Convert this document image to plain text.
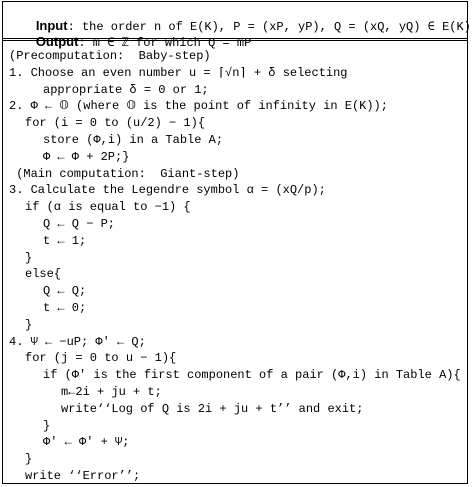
Input: the order n of E(K), P = (xP, yP), Q = (xQ, yQ) ∈ E(K)

Output: m ∈ ℤ for which Q = mP

(Precomputation:  Baby-step)
1. Choose an even number u = ⌈√n⌉ + δ selecting
appropriate δ = 0 or 1;
2. Φ ← 𝕆 (where 𝕆 is the point of infinity in E(K));
for (i = 0 to (u/2) − 1){
store (Φ,i) in a Table A;
Φ ← Φ + 2P;}
(Main computation:  Giant-step)
3. Calculate the Legendre symbol α = (xQ/p);
if (α is equal to −1) {
Q ← Q − P;
t ← 1;
}
else{
Q ← Q;
t ← 0;
}
4. Ψ ← −uP; Φ′ ← Q;
for (j = 0 to u − 1){
if (Φ′ is the first component of a pair (Φ,i) in Table A){
m←2i + ju + t;
write‘‘Log of Q is 2i + ju + t’’ and exit;
}
Φ′ ← Φ′ + Ψ;
}
write ‘‘Error’’;
